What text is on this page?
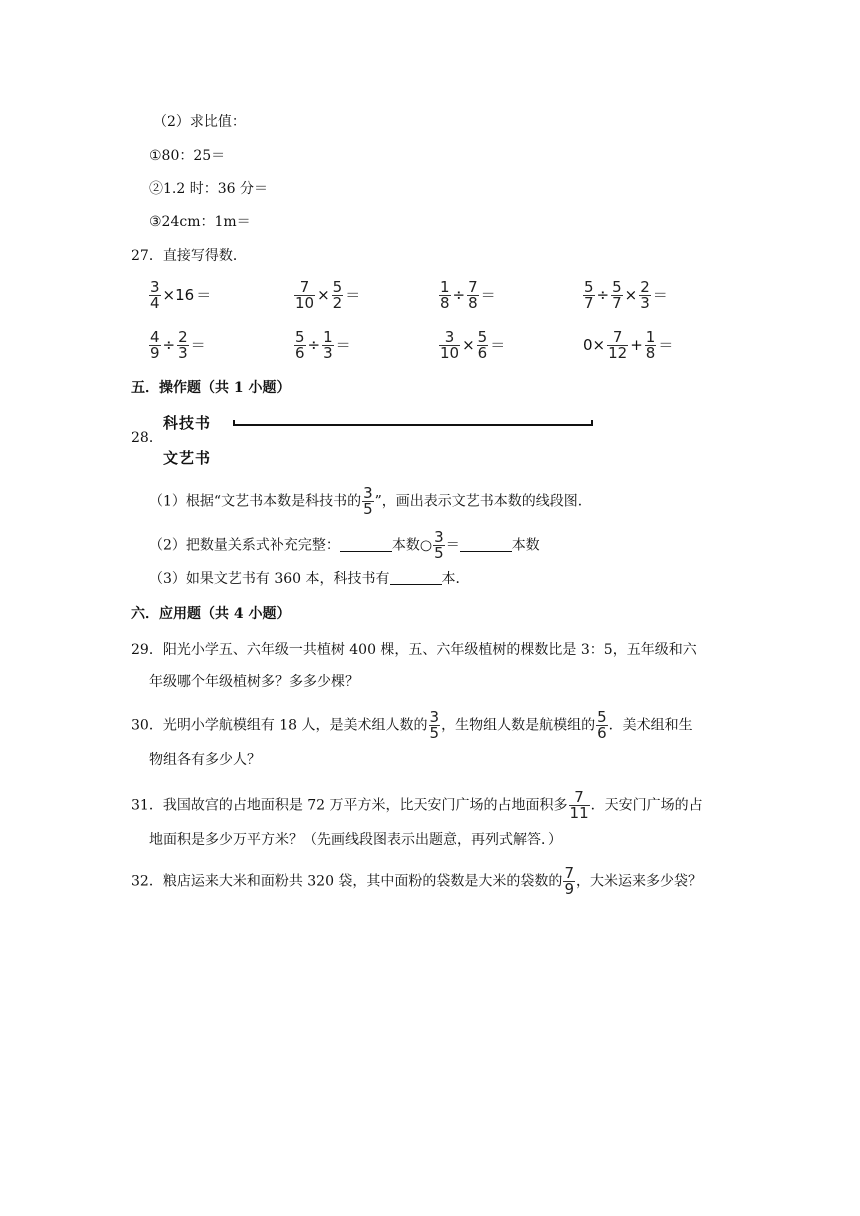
（2）求比值：
①80：25＝
②1.2 时：36 分＝
③24cm：1m＝
27．直接写得数．
$\frac{3}{4} \times 16$ ＝	$\frac{7}{10} \times \frac{5}{2}$ ＝	$\frac{1}{8} \div \frac{7}{8}$ ＝	$\frac{5}{7} \div \frac{5}{7} \times \frac{2}{3}$ ＝
$\frac{4}{9} \div \frac{2}{3}$ ＝	$\frac{5}{6} \div \frac{1}{3}$ ＝	$\frac{3}{10} \times \frac{5}{6}$ ＝	$0\times \frac{7}{12} + \frac{1}{8}$ ＝
五．操作题（共 1 小题）
28．
科技书
文艺书
（1）根据“文艺书本数是科技书的 $\frac{3}{5}$ ”，画出表示文艺书本数的线段图．
（2）把数量关系式补充完整：	本数○ $\frac{3}{5}$ ＝	本数
（3）如果文艺书有 360 本，科技书有	本．
六．应用题（共 4 小题）
29．阳光小学五、六年级一共植树 400 棵，五、六年级植树的棵数比是 3：5，五年级和六
年级哪个年级植树多？多多少棵？
30．光明小学航模组有 18 人，是美术组人数的 $\frac{3}{5}$ ，生物组人数是航模组的 $\frac{5}{6}$ ．美术组和生
物组各有多少人？
31．我国故宫的占地面积是 72 万平方米，比天安门广场的占地面积多 $\frac{7}{11}$ ．天安门广场的占
地面积是多少万平方米？（先画线段图表示出题意，再列式解答．）
32．粮店运来大米和面粉共 320 袋，其中面粉的袋数是大米的袋数的 $\frac{7}{9}$ ，大米运来多少袋？
